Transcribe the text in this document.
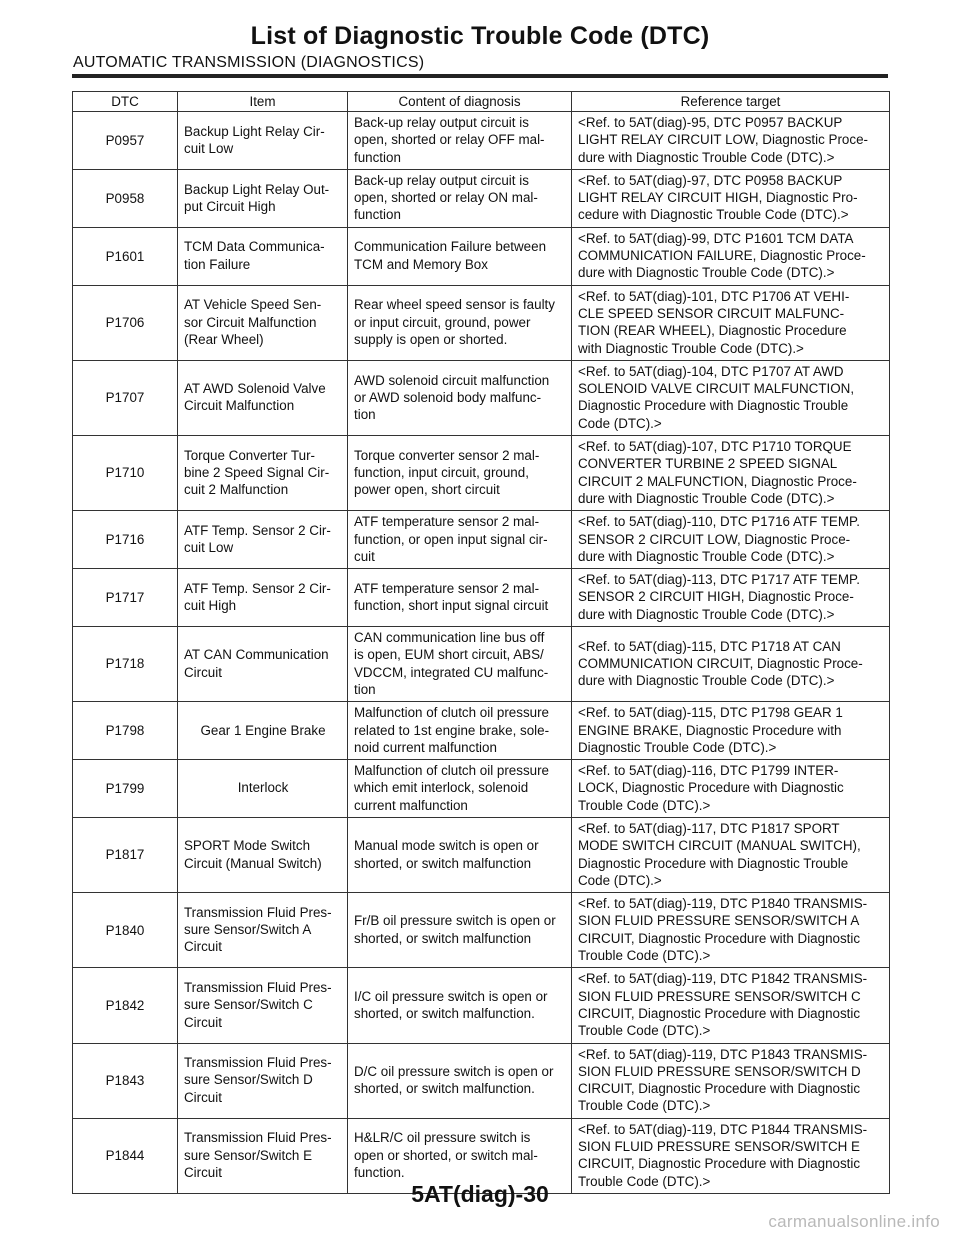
List of Diagnostic Trouble Code (DTC)
AUTOMATIC TRANSMISSION (DIAGNOSTICS)
DTC	Item	Content of diagnosis	Reference target
P0957	Backup Light Relay Cir-
cuit Low	Back-up relay output circuit is
open, shorted or relay OFF mal-
function	<Ref. to 5AT(diag)-95, DTC P0957 BACKUP
LIGHT RELAY CIRCUIT LOW, Diagnostic Proce-
dure with Diagnostic Trouble Code (DTC).>
P0958	Backup Light Relay Out-
put Circuit High	Back-up relay output circuit is
open, shorted or relay ON mal-
function	<Ref. to 5AT(diag)-97, DTC P0958 BACKUP
LIGHT RELAY CIRCUIT HIGH, Diagnostic Pro-
cedure with Diagnostic Trouble Code (DTC).>
P1601	TCM Data Communica-
tion Failure	Communication Failure between
TCM and Memory Box	<Ref. to 5AT(diag)-99, DTC P1601 TCM DATA
COMMUNICATION FAILURE, Diagnostic Proce-
dure with Diagnostic Trouble Code (DTC).>
P1706	AT Vehicle Speed Sen-
sor Circuit Malfunction
(Rear Wheel)	Rear wheel speed sensor is faulty
or input circuit, ground, power
supply is open or shorted.	<Ref. to 5AT(diag)-101, DTC P1706 AT VEHI-
CLE SPEED SENSOR CIRCUIT MALFUNC-
TION (REAR WHEEL), Diagnostic Procedure
with Diagnostic Trouble Code (DTC).>
P1707	AT AWD Solenoid Valve
Circuit Malfunction	AWD solenoid circuit malfunction
or AWD solenoid body malfunc-
tion	<Ref. to 5AT(diag)-104, DTC P1707 AT AWD
SOLENOID VALVE CIRCUIT MALFUNCTION,
Diagnostic Procedure with Diagnostic Trouble
Code (DTC).>
P1710	Torque Converter Tur-
bine 2 Speed Signal Cir-
cuit 2 Malfunction	Torque converter sensor 2 mal-
function, input circuit, ground,
power open, short circuit	<Ref. to 5AT(diag)-107, DTC P1710 TORQUE
CONVERTER TURBINE 2 SPEED SIGNAL
CIRCUIT 2 MALFUNCTION, Diagnostic Proce-
dure with Diagnostic Trouble Code (DTC).>
P1716	ATF Temp. Sensor 2 Cir-
cuit Low	ATF temperature sensor 2 mal-
function, or open input signal cir-
cuit	<Ref. to 5AT(diag)-110, DTC P1716 ATF TEMP.
SENSOR 2 CIRCUIT LOW, Diagnostic Proce-
dure with Diagnostic Trouble Code (DTC).>
P1717	ATF Temp. Sensor 2 Cir-
cuit High	ATF temperature sensor 2 mal-
function, short input signal circuit	<Ref. to 5AT(diag)-113, DTC P1717 ATF TEMP.
SENSOR 2 CIRCUIT HIGH, Diagnostic Proce-
dure with Diagnostic Trouble Code (DTC).>
P1718	AT CAN Communication
Circuit	CAN communication line bus off
is open, EUM short circuit, ABS/
VDCCM, integrated CU malfunc-
tion	<Ref. to 5AT(diag)-115, DTC P1718 AT CAN
COMMUNICATION CIRCUIT, Diagnostic Proce-
dure with Diagnostic Trouble Code (DTC).>
P1798	Gear 1 Engine Brake	Malfunction of clutch oil pressure
related to 1st engine brake, sole-
noid current malfunction	<Ref. to 5AT(diag)-115, DTC P1798 GEAR 1
ENGINE BRAKE, Diagnostic Procedure with
Diagnostic Trouble Code (DTC).>
P1799	Interlock	Malfunction of clutch oil pressure
which emit interlock, solenoid
current malfunction	<Ref. to 5AT(diag)-116, DTC P1799 INTER-
LOCK, Diagnostic Procedure with Diagnostic
Trouble Code (DTC).>
P1817	SPORT Mode Switch
Circuit (Manual Switch)	Manual mode switch is open or
shorted, or switch malfunction	<Ref. to 5AT(diag)-117, DTC P1817 SPORT
MODE SWITCH CIRCUIT (MANUAL SWITCH),
Diagnostic Procedure with Diagnostic Trouble
Code (DTC).>
P1840	Transmission Fluid Pres-
sure Sensor/Switch A
Circuit	Fr/B oil pressure switch is open or
shorted, or switch malfunction	<Ref. to 5AT(diag)-119, DTC P1840 TRANSMIS-
SION FLUID PRESSURE SENSOR/SWITCH A
CIRCUIT, Diagnostic Procedure with Diagnostic
Trouble Code (DTC).>
P1842	Transmission Fluid Pres-
sure Sensor/Switch C
Circuit	I/C oil pressure switch is open or
shorted, or switch malfunction.	<Ref. to 5AT(diag)-119, DTC P1842 TRANSMIS-
SION FLUID PRESSURE SENSOR/SWITCH C
CIRCUIT, Diagnostic Procedure with Diagnostic
Trouble Code (DTC).>
P1843	Transmission Fluid Pres-
sure Sensor/Switch D
Circuit	D/C oil pressure switch is open or
shorted, or switch malfunction.	<Ref. to 5AT(diag)-119, DTC P1843 TRANSMIS-
SION FLUID PRESSURE SENSOR/SWITCH D
CIRCUIT, Diagnostic Procedure with Diagnostic
Trouble Code (DTC).>
P1844	Transmission Fluid Pres-
sure Sensor/Switch E
Circuit	H&LR/C oil pressure switch is
open or shorted, or switch mal-
function.	<Ref. to 5AT(diag)-119, DTC P1844 TRANSMIS-
SION FLUID PRESSURE SENSOR/SWITCH E
CIRCUIT, Diagnostic Procedure with Diagnostic
Trouble Code (DTC).>
5AT(diag)-30
carmanualsonline.info
